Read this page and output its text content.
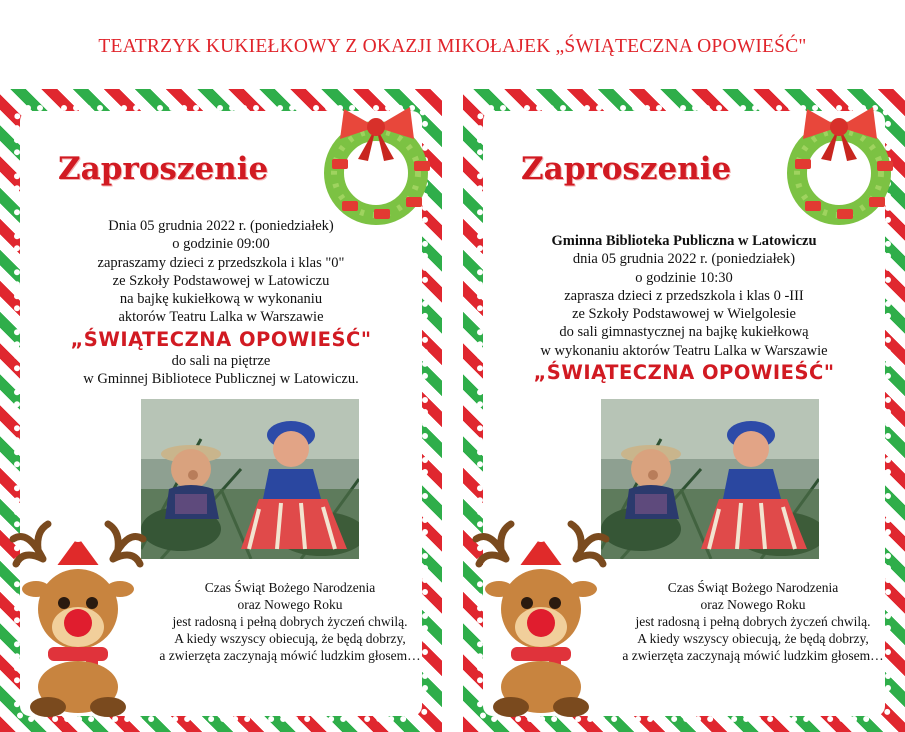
TEATRZYK KUKIEŁKOWY Z OKAZJI MIKOŁAJEK „ŚWIĄTECZNA OPOWIEŚĆ"
Zaproszenie
Dnia 05 grudnia 2022 r. (poniedziałek)
o godzinie 09:00
zapraszamy dzieci z przedszkola i klas "0"
ze Szkoły Podstawowej w Latowiczu
na bajkę kukiełkową w wykonaniu
aktorów Teatru Lalka w Warszawie
„ŚWIĄTECZNA OPOWIEŚĆ"
do sali na piętrze
w Gminnej Bibliotece Publicznej w Latowiczu.
Czas Świąt Bożego Narodzenia
oraz Nowego Roku
jest radosną i pełną dobrych życzeń chwilą.
A kiedy wszyscy obiecują, że będą dobrzy,
a zwierzęta zaczynają mówić ludzkim głosem…
Zaproszenie
Gminna Biblioteka Publiczna w Latowiczu
dnia 05 grudnia 2022 r. (poniedziałek)
o godzinie 10:30
zaprasza dzieci z przedszkola i klas 0 -III
ze Szkoły Podstawowej w Wielgolesie
do sali gimnastycznej na bajkę kukiełkową
w wykonaniu aktorów Teatru Lalka w Warszawie
„ŚWIĄTECZNA OPOWIEŚĆ"
Czas Świąt Bożego Narodzenia
oraz Nowego Roku
jest radosną i pełną dobrych życzeń chwilą.
A kiedy wszyscy obiecują, że będą dobrzy,
a zwierzęta zaczynają mówić ludzkim głosem…
